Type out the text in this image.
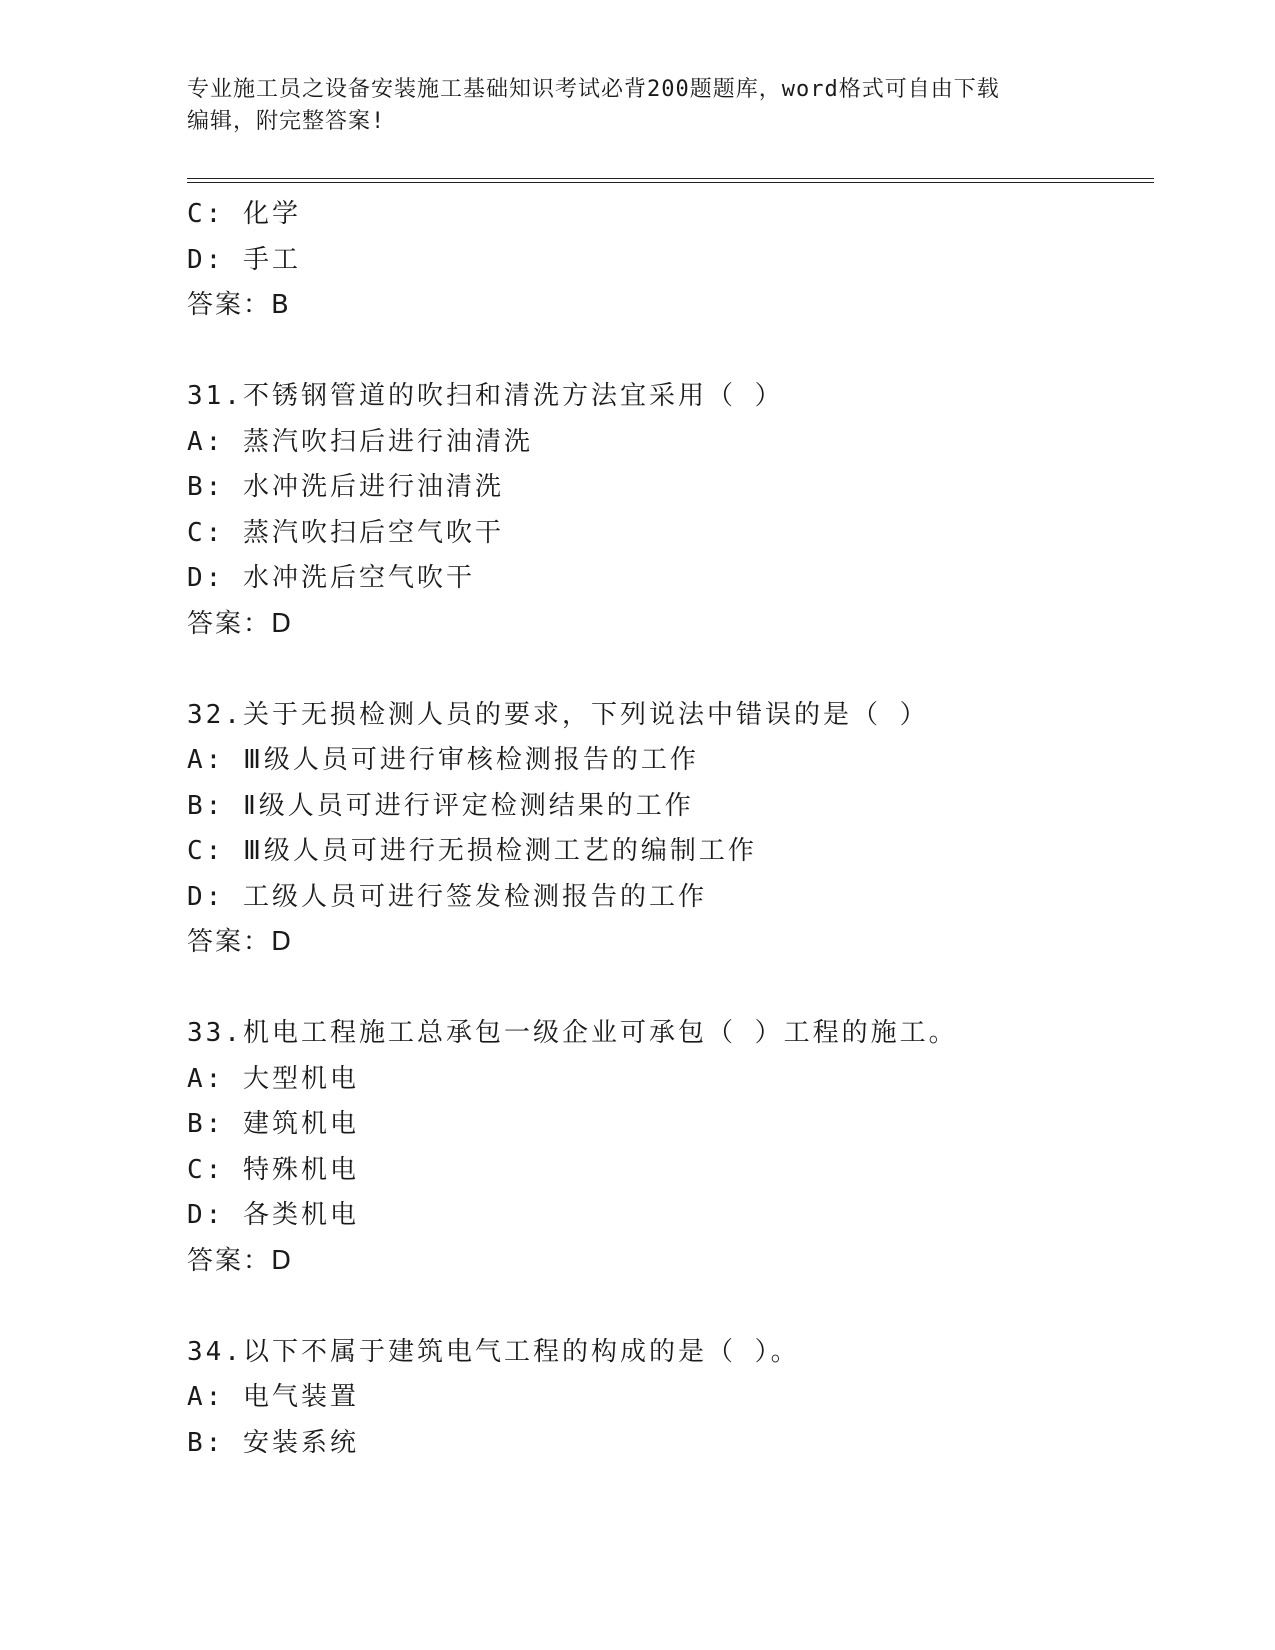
专业施工员之设备安装施工基础知识考试必背200题题库，word格式可自由下载
编辑，附完整答案!
C: 化学
D: 手工
答案：B
31.不锈钢管道的吹扫和清洗方法宜采用（ ）
A: 蒸汽吹扫后进行油清洗
B: 水冲洗后进行油清洗
C: 蒸汽吹扫后空气吹干
D: 水冲洗后空气吹干
答案：D
32.关于无损检测人员的要求，下列说法中错误的是（ ）
A: Ⅲ级人员可进行审核检测报告的工作
B: Ⅱ级人员可进行评定检测结果的工作
C: Ⅲ级人员可进行无损检测工艺的编制工作
D: 工级人员可进行签发检测报告的工作
答案：D
33.机电工程施工总承包一级企业可承包（ ）工程的施工。
A: 大型机电
B: 建筑机电
C: 特殊机电
D: 各类机电
答案：D
34.以下不属于建筑电气工程的构成的是（ ）。
A: 电气装置
B: 安装系统
